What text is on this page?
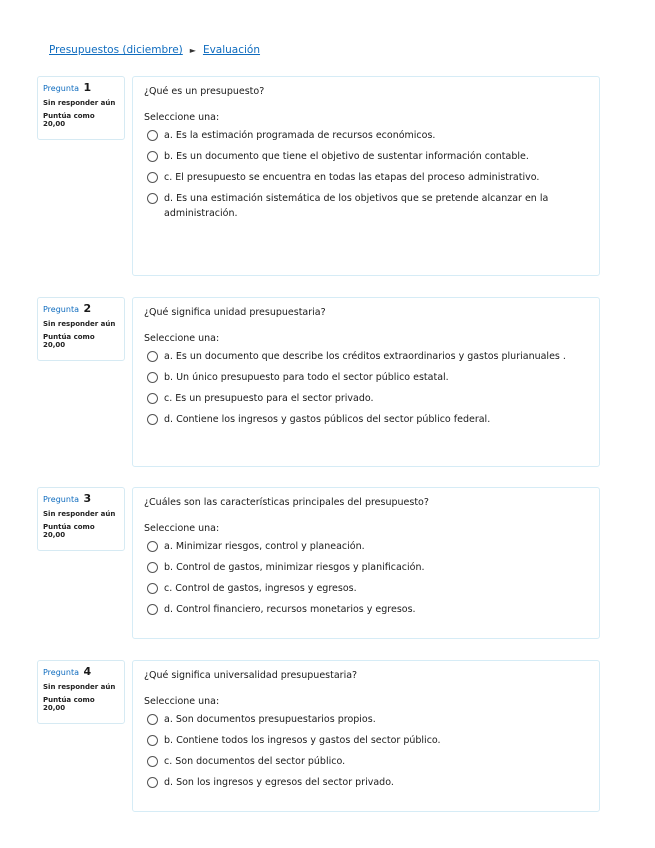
Presupuestos (diciembre) ► Evaluación
Pregunta 1
Sin responder aún
Puntúa como
20,00
¿Qué es un presupuesto?
Seleccione una:
a. Es la estimación programada de recursos económicos.
b. Es un documento que tiene el objetivo de sustentar información contable.
c. El presupuesto se encuentra en todas las etapas del proceso administrativo.
d. Es una estimación sistemática de los objetivos que se pretende alcanzar en la administración.
Pregunta 2
Sin responder aún
Puntúa como
20,00
¿Qué significa unidad presupuestaria?
Seleccione una:
a. Es un documento que describe los créditos extraordinarios y gastos plurianuales .
b. Un único presupuesto para todo el sector público estatal.
c. Es un presupuesto para el sector privado.
d. Contiene los ingresos y gastos públicos del sector público federal.
Pregunta 3
Sin responder aún
Puntúa como
20,00
¿Cuáles son las características principales del presupuesto?
Seleccione una:
a. Minimizar riesgos, control y planeación.
b. Control de gastos, minimizar riesgos y planificación.
c. Control de gastos, ingresos y egresos.
d. Control financiero, recursos monetarios y egresos.
Pregunta 4
Sin responder aún
Puntúa como
20,00
¿Qué significa universalidad presupuestaria?
Seleccione una:
a. Son documentos presupuestarios propios.
b. Contiene todos los ingresos y gastos del sector público.
c. Son documentos del sector público.
d. Son los ingresos y egresos del sector privado.
